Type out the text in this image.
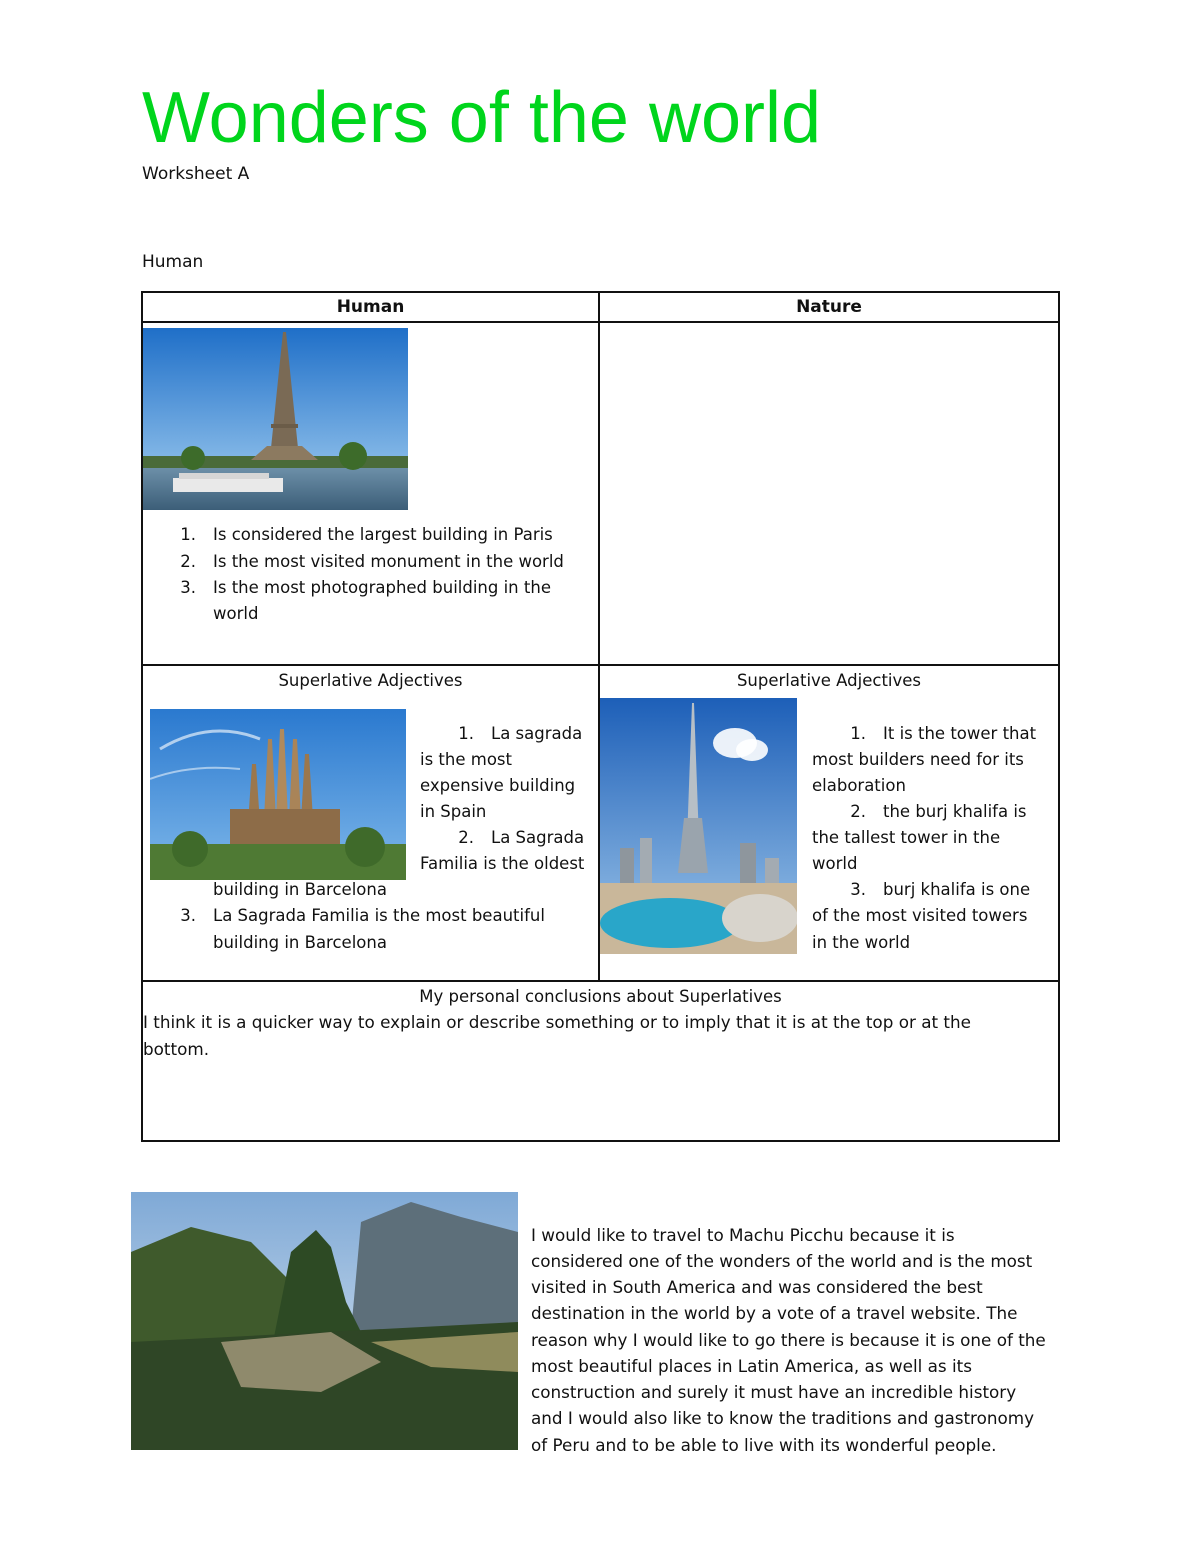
Wonders of the world
Worksheet A
Human
Human	Nature
1. Is considered the largest building in Paris
2. Is the most visited monument in the world
3. Is the most photographed building in the
world
Superlative Adjectives	Superlative Adjectives
1. La sagrada
is the most
expensive building
in Spain
2. La Sagrada
Familia is the oldest
building in Barcelona
3. La Sagrada Familia is the most beautiful
building in Barcelona
1. It is the tower that
most builders need for its
elaboration
2. the burj khalifa is
the tallest tower in the
world
3. burj khalifa is one
of the most visited towers
in the world
My personal conclusions about Superlatives
I think it is a quicker way to explain or describe something or to imply that it is at the top or at the
bottom.
I would like to travel to Machu Picchu because it is
considered one of the wonders of the world and is the most
visited in South America and was considered the best
destination in the world by a vote of a travel website. The
reason why I would like to go there is because it is one of the
most beautiful places in Latin America, as well as its
construction and surely it must have an incredible history
and I would also like to know the traditions and gastronomy
of Peru and to be able to live with its wonderful people.
